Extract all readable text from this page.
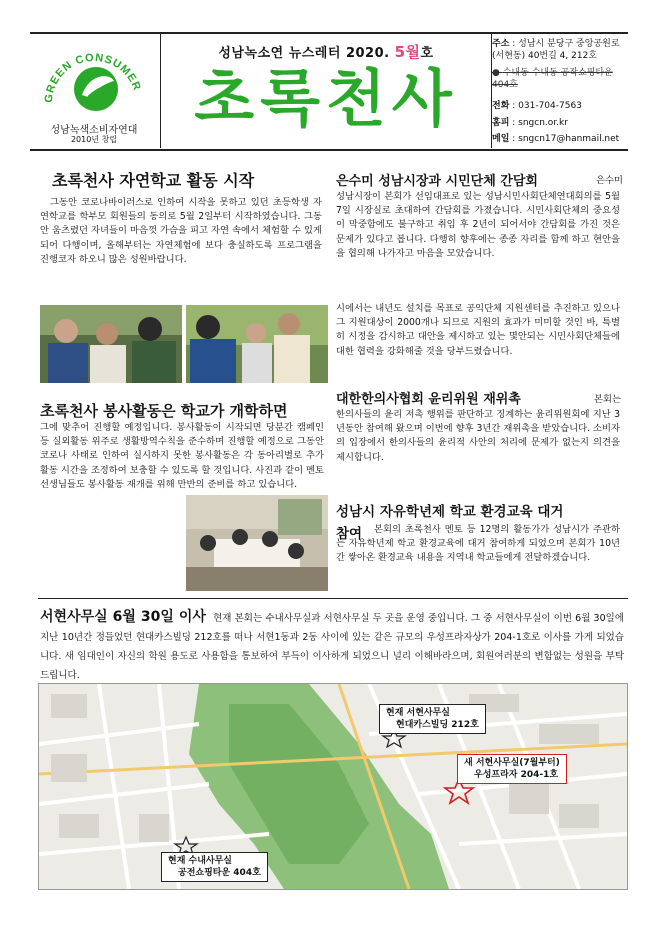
GREEN CONSUMER
성남녹색소비자연대
2010년 창립
성남녹소연 뉴스레터 2020. 5월호
초록천사
주소 : 성남시 분당구 중앙공원로 (서현동) 40번길 4, 212호
● 수내동 수내동 공작쇼핑타운 404호
전화 : 031-704-7563
홈피 : sngcn.or.kr
메일 : sngcn17@hanmail.net
초록천사 자연학교 활동 시작
그동안 코로나바이러스로 인하여 시작을 못하고 있던 초등학생 자연학교를 학부모 회원들의 동의로 5월 2일부터 시작하였습니다. 그동안 움츠렸던 자녀들이 마음껏 가슴을 피고 자연 속에서 체험할 수 있게 되어 다행이며, 올해부터는 자연체험에 보다 충실하도록 프로그램을 진행코자 하오니 많은 성원바랍니다.
초록천사 봉사활동은 학교가 개학하면
그에 맞추어 진행할 예정입니다. 봉사활동이 시작되면 당분간 캠페인등 실외활동 위주로 생활방역수칙을 준수하며 진행할 예정으로 그동안 코로나 사태로 인하여 실시하지 못한 봉사활동은 각 동아리별로 추가 활동 시간을 조정하여 보충할 수 있도록 할 것입니다. 사진과 같이 멘토 선생님들도 봉사활동 재개를 위해 만반의 준비를 하고 있습니다.
은수미 성남시장과 시민단체 간담회	은수미
성남시장이 본회가 선임대표로 있는 성남시민사회단체연대회의를 5월 7일 시장실로 초대하여 간담회를 가졌습니다. 시민사회단체의 중요성이 막중함에도 불구하고 취임 후 2년이 되어서야 간담회를 가진 것은 문제가 있다고 봅니다. 다행히 향후에는 종종 자리를 함께 하고 현안을 을 협의해 나가자고 마음을 모았습니다.
시에서는 내년도 설치를 목표로 공익단체 지원센터를 추진하고 있으나 그 지원대상이 2000개나 되므로 지원의 효과가 미미할 것인 바, 특별히 시정을 감시하고 대안을 제시하고 있는 몇안되는 시민사회단체들에 대한 협력을 강화해줄 것을 당부드렸습니다.
대한한의사협회 윤리위원 재위촉	본회는
한의사들의 윤리 저촉 행위를 판단하고 징계하는 윤리위원회에 지난 3년동안 참여해 왔으며 이번에 향후 3년간 재위촉을 받았습니다. 소비자의 입장에서 한의사들의 윤리적 사안의 처리에 문제가 없는지 의견을 제시합니다.
성남시 자유학년제 학교 환경교육 대거
참여	본회의 초록천사 멘토 등 12명의 활동가가 성남시가 주관하는 자유학년제 학교 환경교육에 대거 참여하게 되었으며 본회가 10년간 쌓아온 환경교육 내용을 지역내 학교들에게 전달하겠습니다.
서현사무실 6월 30일 이사 현재 본회는 수내사무실과 서현사무실 두 곳을 운영 중입니다. 그 중 서현사무실이 이번 6월 30일에 지난 10년간 정들었던 현대카스빌딩 212호를 떠나 서현1동과 2동 사이에 있는 같은 규모의 우성프라자상가 204-1호로 이사를 가게 되었습니다. 새 임대인이 자신의 학원 용도로 사용함을 통보하여 부득이 이사하게 되었으니 널리 이해바라으며, 회원여러분의 변함없는 성원을 부탁드립니다.
현재 서현사무실
현대카스빌딩 212호
새 서현사무실(7월부터)
우성프라자 204-1호
현재 수내사무실
공전쇼핑타운 404호
